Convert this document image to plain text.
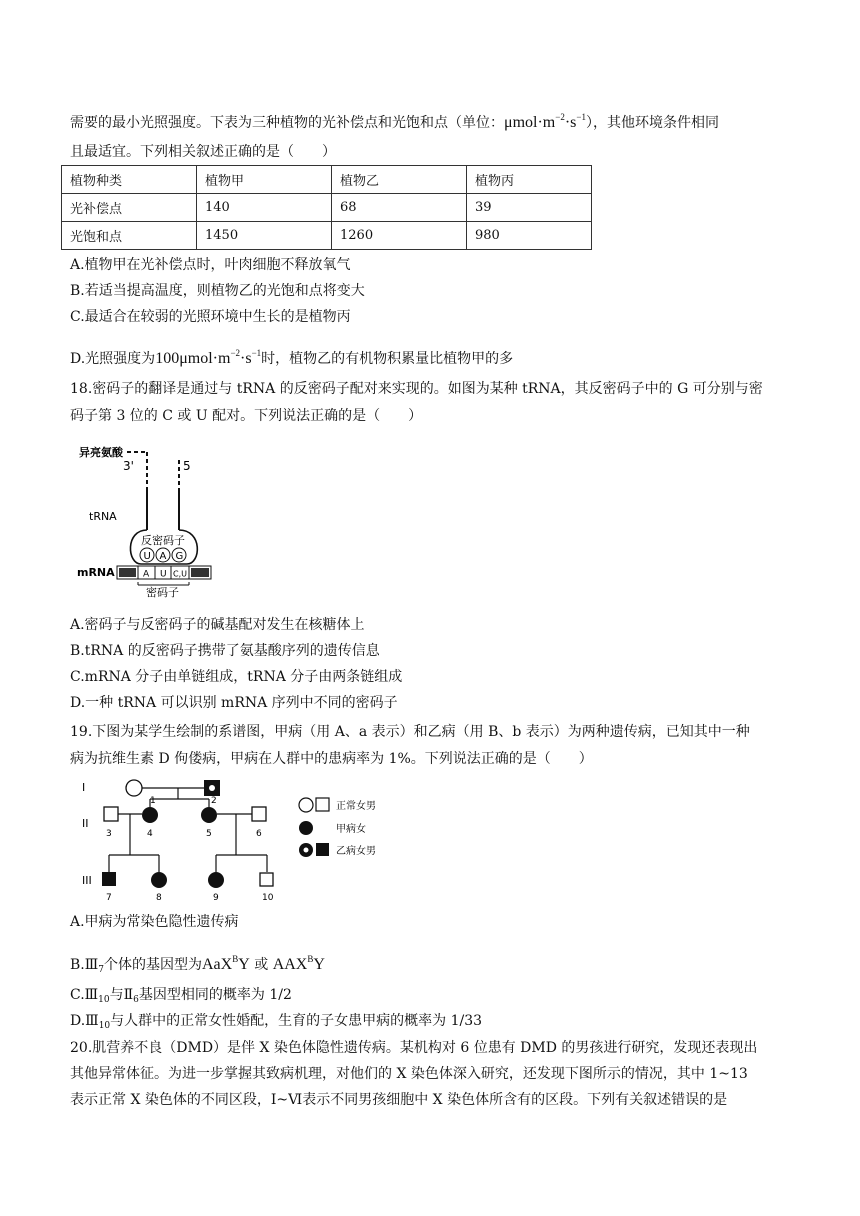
需要的最小光照强度。下表为三种植物的光补偿点和光饱和点（单位：$\mu mol\cdot m^{-2}\cdot s^{-1}$），其他环境条件相同
且最适宜。下列相关叙述正确的是（　　）
植物种类	植物甲	植物乙	植物丙
光补偿点	140	68	39
光饱和点	1450	1260	980
A.植物甲在光补偿点时，叶肉细胞不释放氧气
B.若适当提高温度，则植物乙的光饱和点将变大
C.最适合在较弱的光照环境中生长的是植物丙
D.光照强度为$100\mu mol\cdot m^{-2}\cdot s^{-1}$时，植物乙的有机物积累量比植物甲的多
18.密码子的翻译是通过与 tRNA 的反密码子配对来实现的。如图为某种 tRNA，其反密码子中的 G 可分别与密
码子第 3 位的 C 或 U 配对。下列说法正确的是（　　）
异亮氨酸
3'	5
tRNA
反密码子
U A G
mRNA	A U C,U
密码子
A.密码子与反密码子的碱基配对发生在核糖体上
B.tRNA 的反密码子携带了氨基酸序列的遗传信息
C.mRNA 分子由单链组成，tRNA 分子由两条链组成
D.一种 tRNA 可以识别 mRNA 序列中不同的密码子
19.下图为某学生绘制的系谱图，甲病（用 A、a 表示）和乙病（用 B、b 表示）为两种遗传病，已知其中一种
病为抗维生素 D 佝偻病，甲病在人群中的患病率为 1%。下列说法正确的是（　　）
I
II
III
1	2
3	4	5	6
7	8	9	10
正常女男
甲病女
乙病女男
A.甲病为常染色隐性遗传病
$B.Ⅲ_7$个体的基因型为AaX$^B$Y 或 $AAX^BY$
$C.Ⅲ_{10}$与$Ⅱ_6$基因型相同的概率为 1/2
$D.Ⅲ_{10}$与人群中的正常女性婚配，生育的子女患甲病的概率为 1/33
20.肌营养不良（DMD）是伴 X 染色体隐性遗传病。某机构对 6 位患有 DMD 的男孩进行研究，发现还表现出
其他异常体征。为进一步掌握其致病机理，对他们的 X 染色体深入研究，还发现下图所示的情况，其中 1~13
表示正常 X 染色体的不同区段，Ⅰ~Ⅵ表示不同男孩细胞中 X 染色体所含有的区段。下列有关叙述错误的是
